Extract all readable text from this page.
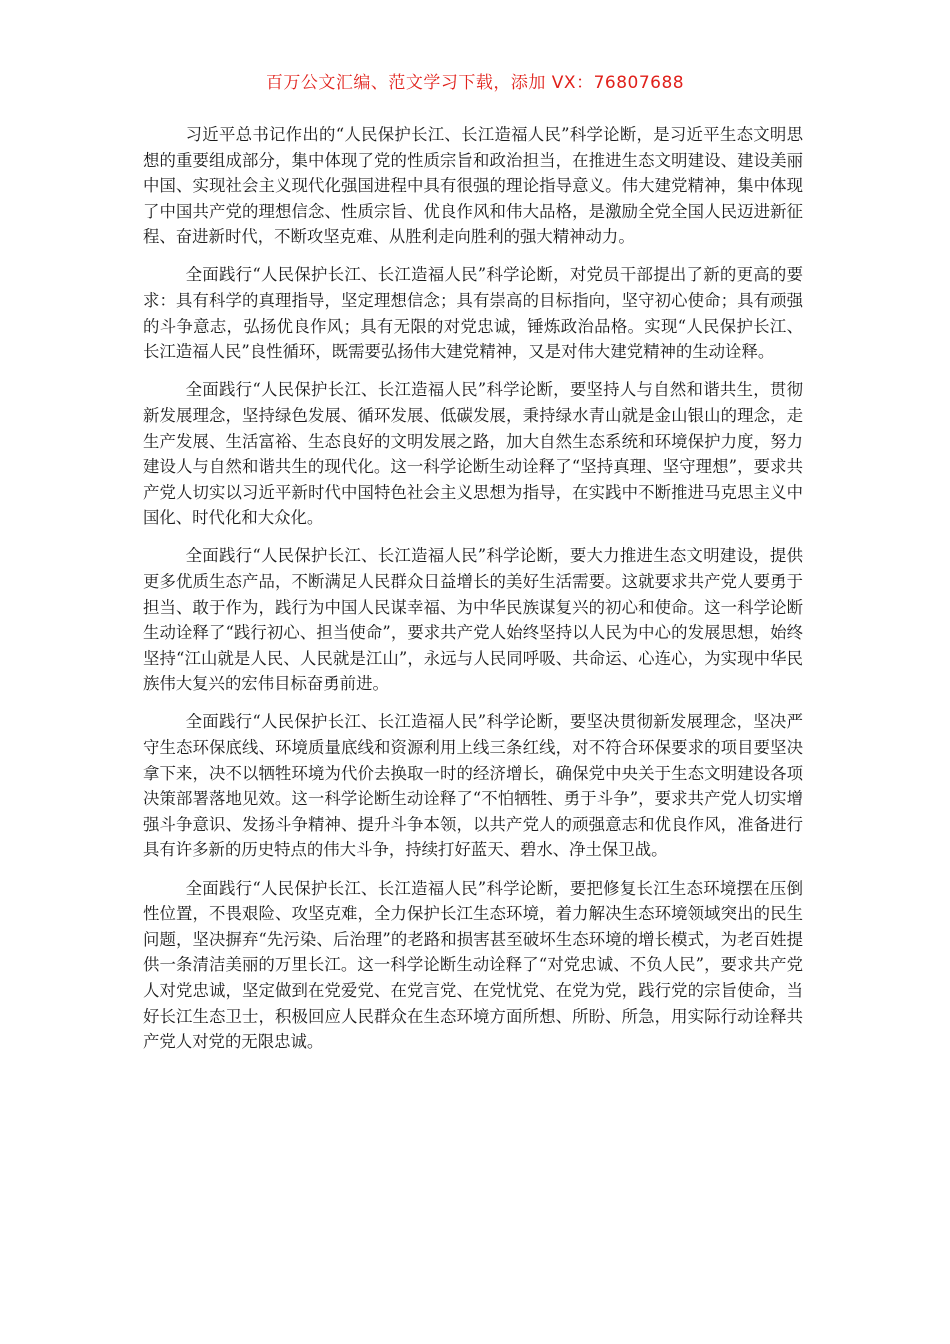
百万公文汇编、范文学习下载，添加 VX：76807688

习近平总书记作出的“人民保护长江、长江造福人民”科学论断，是习近平生态文明思想的重要组成部分，集中体现了党的性质宗旨和政治担当，在推进生态文明建设、建设美丽中国、实现社会主义现代化强国进程中具有很强的理论指导意义。伟大建党精神，集中体现了中国共产党的理想信念、性质宗旨、优良作风和伟大品格，是激励全党全国人民迈进新征程、奋进新时代，不断攻坚克难、从胜利走向胜利的强大精神动力。

全面践行“人民保护长江、长江造福人民”科学论断，对党员干部提出了新的更高的要求：具有科学的真理指导，坚定理想信念；具有崇高的目标指向，坚守初心使命；具有顽强的斗争意志，弘扬优良作风；具有无限的对党忠诚，锤炼政治品格。实现“人民保护长江、长江造福人民”良性循环，既需要弘扬伟大建党精神，又是对伟大建党精神的生动诠释。

全面践行“人民保护长江、长江造福人民”科学论断，要坚持人与自然和谐共生，贯彻新发展理念，坚持绿色发展、循环发展、低碳发展，秉持绿水青山就是金山银山的理念，走生产发展、生活富裕、生态良好的文明发展之路，加大自然生态系统和环境保护力度，努力建设人与自然和谐共生的现代化。这一科学论断生动诠释了“坚持真理、坚守理想”，要求共产党人切实以习近平新时代中国特色社会主义思想为指导，在实践中不断推进马克思主义中国化、时代化和大众化。

全面践行“人民保护长江、长江造福人民”科学论断，要大力推进生态文明建设，提供更多优质生态产品，不断满足人民群众日益增长的美好生活需要。这就要求共产党人要勇于担当、敢于作为，践行为中国人民谋幸福、为中华民族谋复兴的初心和使命。这一科学论断生动诠释了“践行初心、担当使命”，要求共产党人始终坚持以人民为中心的发展思想，始终坚持“江山就是人民、人民就是江山”，永远与人民同呼吸、共命运、心连心，为实现中华民族伟大复兴的宏伟目标奋勇前进。

全面践行“人民保护长江、长江造福人民”科学论断，要坚决贯彻新发展理念，坚决严守生态环保底线、环境质量底线和资源利用上线三条红线，对不符合环保要求的项目要坚决拿下来，决不以牺牲环境为代价去换取一时的经济增长，确保党中央关于生态文明建设各项决策部署落地见效。这一科学论断生动诠释了“不怕牺牲、勇于斗争”，要求共产党人切实增强斗争意识、发扬斗争精神、提升斗争本领，以共产党人的顽强意志和优良作风，准备进行具有许多新的历史特点的伟大斗争，持续打好蓝天、碧水、净土保卫战。

全面践行“人民保护长江、长江造福人民”科学论断，要把修复长江生态环境摆在压倒性位置，不畏艰险、攻坚克难，全力保护长江生态环境，着力解决生态环境领域突出的民生问题，坚决摒弃“先污染、后治理”的老路和损害甚至破坏生态环境的增长模式，为老百姓提供一条清洁美丽的万里长江。这一科学论断生动诠释了“对党忠诚、不负人民”，要求共产党人对党忠诚，坚定做到在党爱党、在党言党、在党忧党、在党为党，践行党的宗旨使命，当好长江生态卫士，积极回应人民群众在生态环境方面所想、所盼、所急，用实际行动诠释共产党人对党的无限忠诚。
